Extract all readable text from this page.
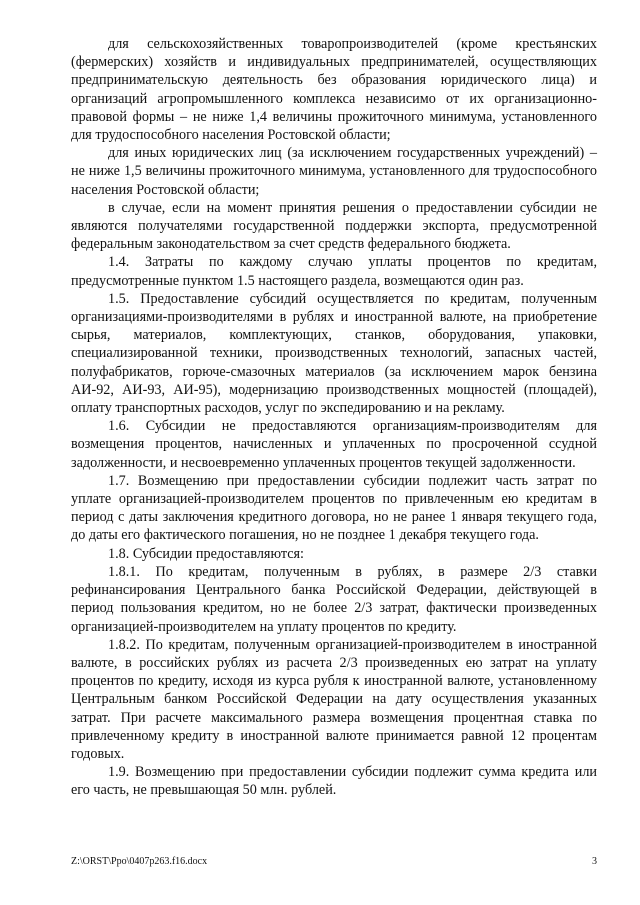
для сельскохозяйственных товаропроизводителей (кроме крестьянских (фермерских) хозяйств и индивидуальных предпринимателей, осуществляющих предпринимательскую деятельность без образования юридического лица) и организаций агропромышленного комплекса независимо от их организационно-правовой формы – не ниже 1,4 величины прожиточного минимума, установленного для трудоспособного населения Ростовской области;

для иных юридических лиц (за исключением государственных учреждений) – не ниже 1,5 величины прожиточного минимума, установленного для трудоспособного населения Ростовской области;

в случае, если на момент принятия решения о предоставлении субсидии не являются получателями государственной поддержки экспорта, предусмотренной федеральным законодательством за счет средств федерального бюджета.

1.4. Затраты по каждому случаю уплаты процентов по кредитам, предусмотренные пунктом 1.5 настоящего раздела, возмещаются один раз.

1.5. Предоставление субсидий осуществляется по кредитам, полученным организациями-производителями в рублях и иностранной валюте, на приобретение сырья, материалов, комплектующих, станков, оборудования, упаковки, специализированной техники, производственных технологий, запасных частей, полуфабрикатов, горюче-смазочных материалов (за исключением марок бензина АИ-92, АИ-93, АИ-95), модернизацию производственных мощностей (площадей), оплату транспортных расходов, услуг по экспедированию и на рекламу.

1.6. Субсидии не предоставляются организациям-производителям для возмещения процентов, начисленных и уплаченных по просроченной ссудной задолженности, и несвоевременно уплаченных процентов текущей задолженности.

1.7. Возмещению при предоставлении субсидии подлежит часть затрат по уплате организацией-производителем процентов по привлеченным ею кредитам в период с даты заключения кредитного договора, но не ранее 1 января текущего года, до даты его фактического погашения, но не позднее 1 декабря текущего года.

1.8. Субсидии предоставляются:

1.8.1. По кредитам, полученным в рублях, в размере 2/3 ставки рефинансирования Центрального банка Российской Федерации, действующей в период пользования кредитом, но не более 2/3 затрат, фактически произведенных организацией-производителем на уплату процентов по кредиту.

1.8.2. По кредитам, полученным организацией-производителем в иностранной валюте, в российских рублях из расчета 2/3 произведенных ею затрат на уплату процентов по кредиту, исходя из курса рубля к иностранной валюте, установленному Центральным банком Российской Федерации на дату осуществления указанных затрат. При расчете максимального размера возмещения процентная ставка по привлеченному кредиту в иностранной валюте принимается равной 12 процентам годовых.

1.9. Возмещению при предоставлении субсидии подлежит сумма кредита или его часть, не превышающая 50 млн. рублей.

Z:\ORST\Ppo\0407p263.f16.docx	3
